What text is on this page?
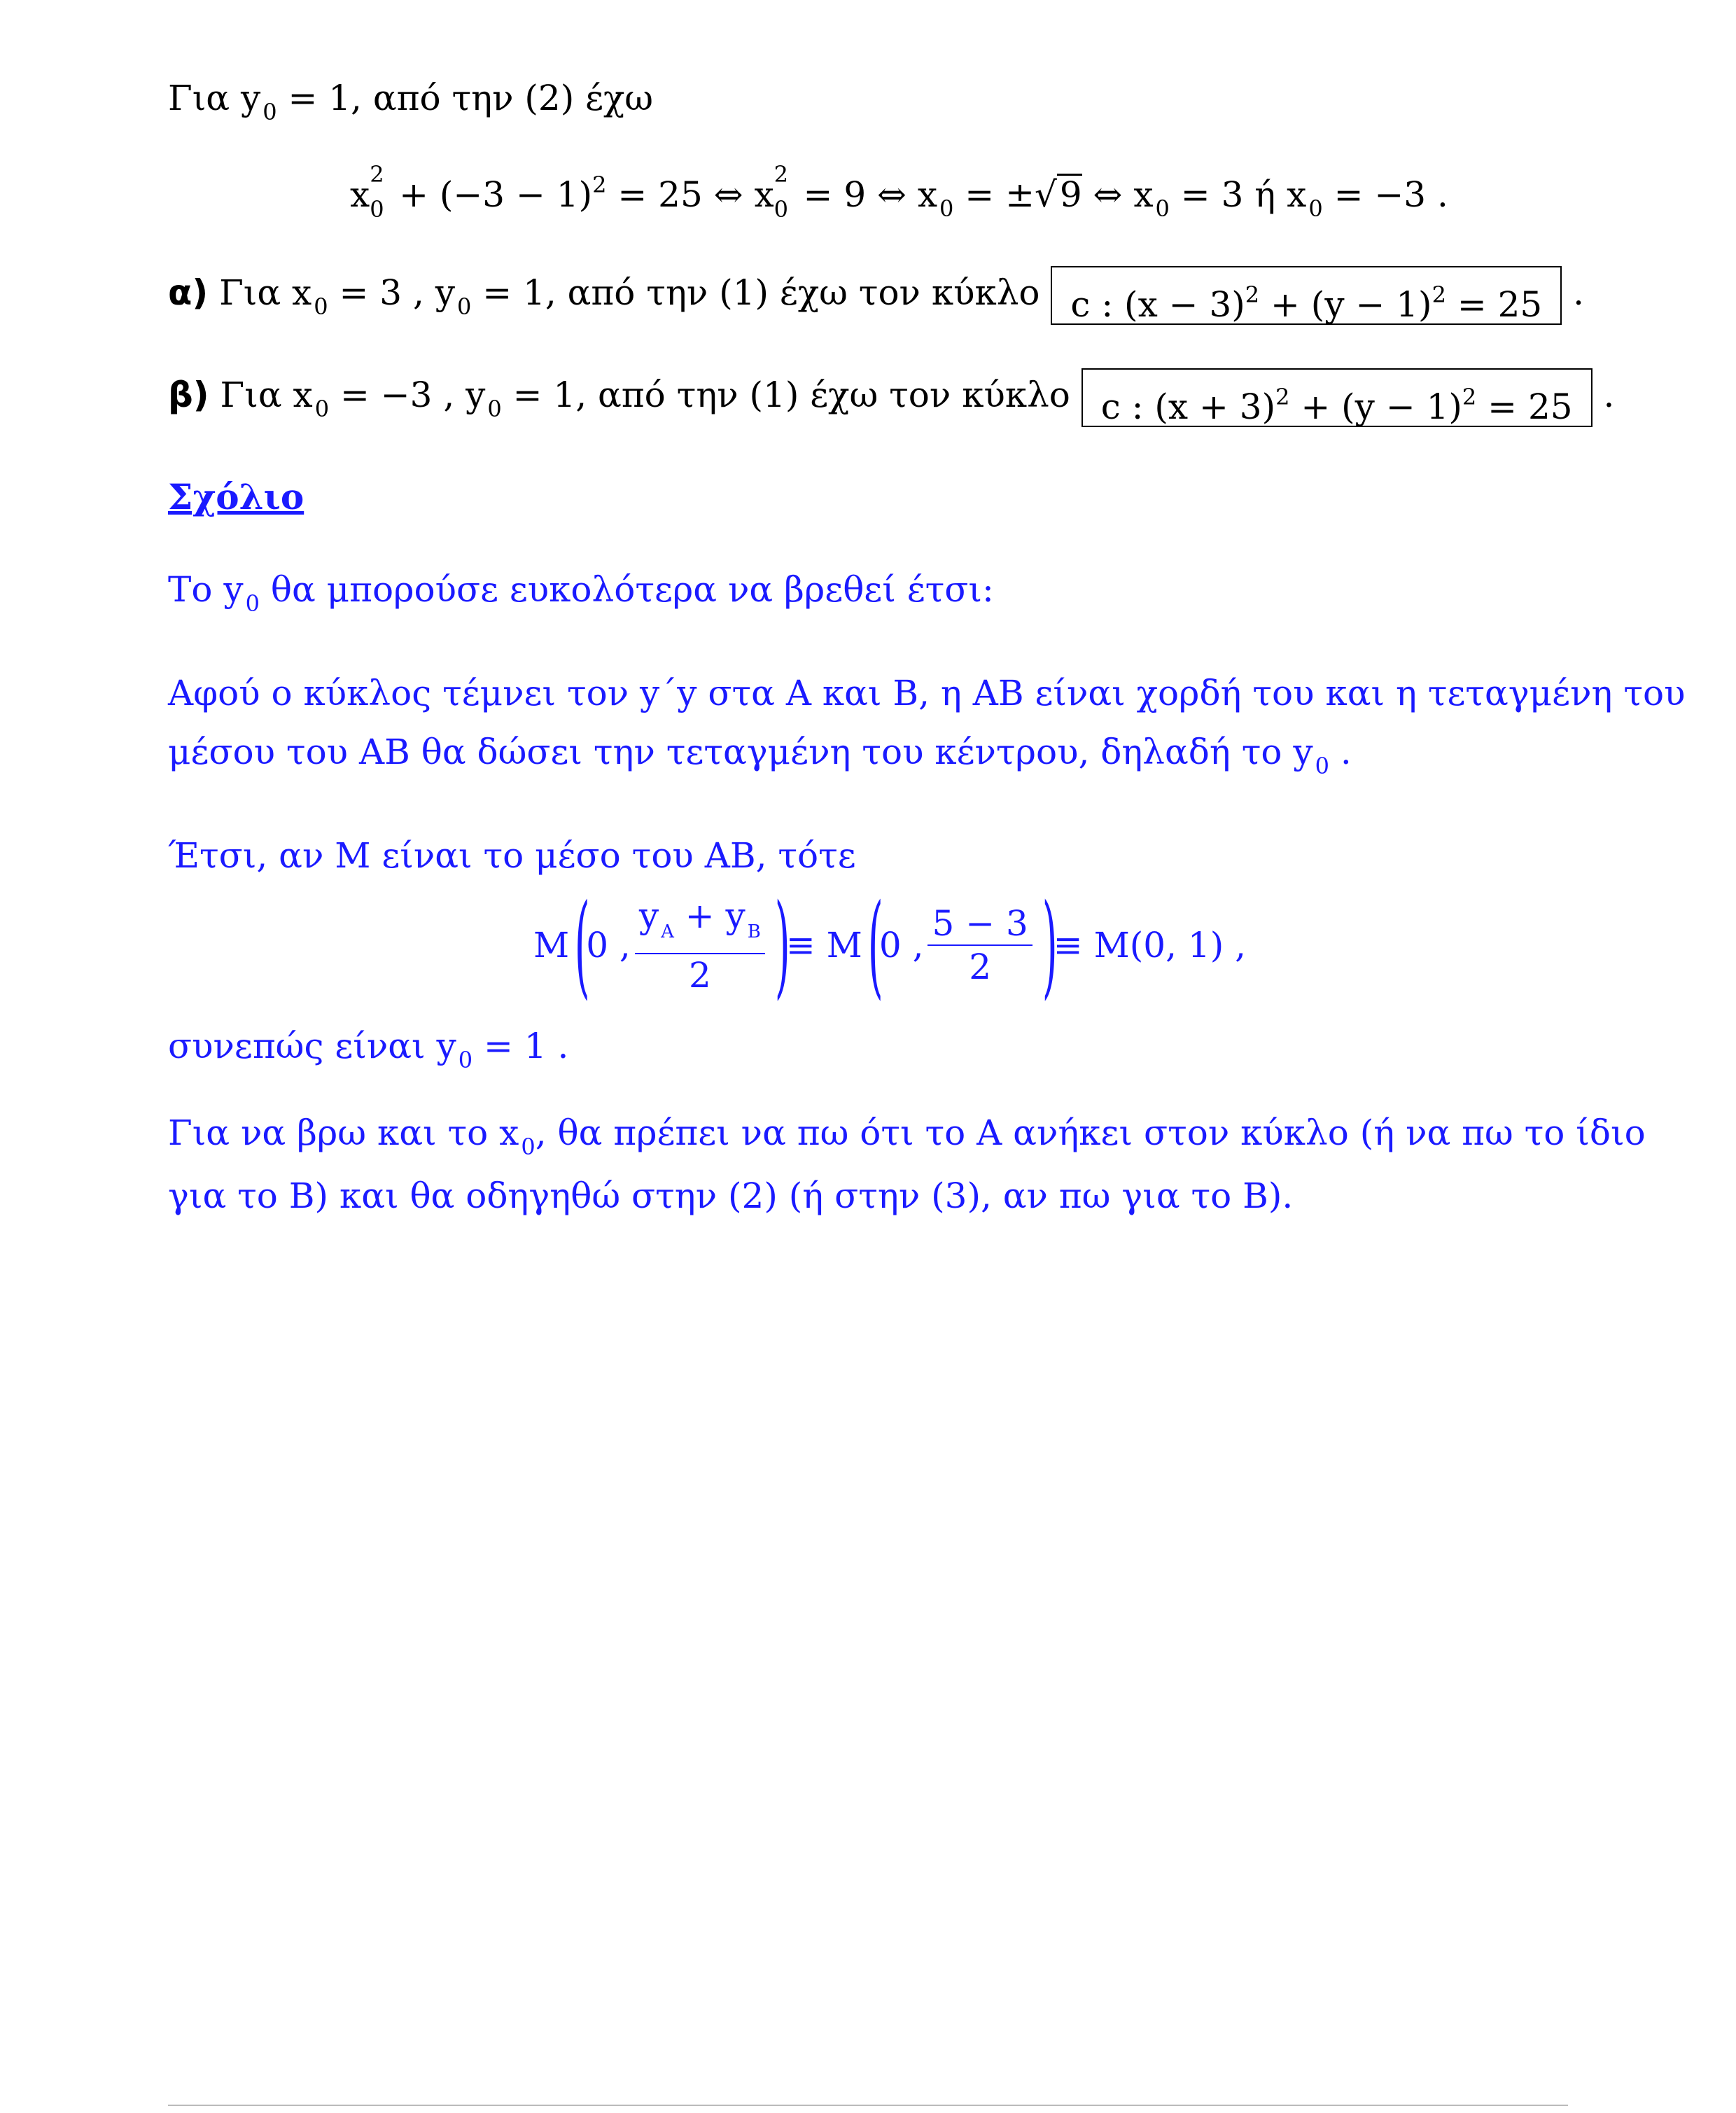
Για $y_0 = 1$, από την (2) έχω
x 2
$0 + (-3 - 1)^2 = 25$ ⇔ x 2
0 = 9 ⇔ $x_0 = \pm√9$ ⇔ $x_0 = 3$ ή $x_0 = -3$ .
α) Για $x_0 = 3$ , $y_0 = 1$, από την (1) έχω τον κύκλο c : $(x - 3)^2 + (y - 1)^2 = 25$ .
β) Για $x_0 = -3$ , $y_0 = 1$, από την (1) έχω τον κύκλο c : $(x + 3)^2 + (y - 1)^2 = 25$ .
Σχόλιο
Το $y_0$ θα μπορούσε ευκολότερα να βρεθεί έτσι:
Αφού ο κύκλος τέμνει τον y΄y στα A και B, η AB είναι χορδή του και η τεταγμένη του
μέσου του AB θα δώσει την τεταγμένη του κέντρου, δηλαδή το $y_0$ .
Έτσι, αν M είναι το μέσο του AB, τότε
M (
0 , $\frac{y _A + y _B}{2}$ )
≡ M (
0 , $\frac{5 - 3}{2}$ )
≡ M(0, 1) ,
συνεπώς είναι $y_0 = 1$ .
Για να βρω και το $x_0$, θα πρέπει να πω ότι το A ανήκει στον κύκλο (ή να πω το ίδιο
για το B) και θα οδηγηθώ στην (2) (ή στην (3), αν πω για το B).
